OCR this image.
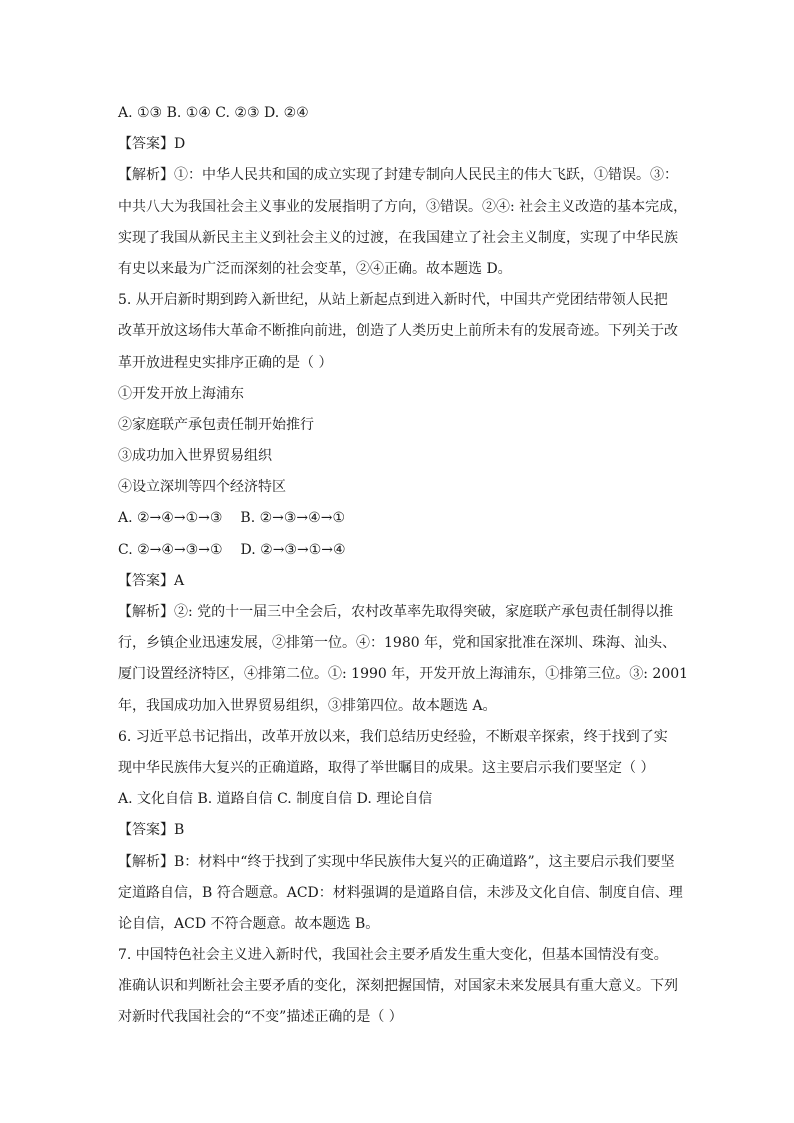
A. ①③ B. ①④ C. ②③ D. ②④
【答案】D
【解析】①：中华人民共和国的成立实现了封建专制向人民民主的伟大飞跃，①错误。③：
中共八大为我国社会主义事业的发展指明了方向，③错误。②④: 社会主义改造的基本完成，
实现了我国从新民主主义到社会主义的过渡，在我国建立了社会主义制度，实现了中华民族
有史以来最为广泛而深刻的社会变革，②④正确。故本题选 D。
5. 从开启新时期到跨入新世纪，从站上新起点到进入新时代，中国共产党团结带领人民把
改革开放这场伟大革命不断推向前进，创造了人类历史上前所未有的发展奇迹。下列关于改
革开放进程史实排序正确的是（ ）
①开发开放上海浦东
②家庭联产承包责任制开始推行
③成功加入世界贸易组织
④设立深圳等四个经济特区
A. ②→④→①→③ B. ②→③→④→①
C. ②→④→③→① D. ②→③→①→④
【答案】A
【解析】②: 党的十一届三中全会后，农村改革率先取得突破，家庭联产承包责任制得以推
行，乡镇企业迅速发展，②排第一位。④：1980 年，党和国家批准在深圳、珠海、汕头、
厦门设置经济特区，④排第二位。①: 1990 年，开发开放上海浦东，①排第三位。③: 2001
年，我国成功加入世界贸易组织，③排第四位。故本题选 A。
6. 习近平总书记指出，改革开放以来，我们总结历史经验，不断艰辛探索，终于找到了实
现中华民族伟大复兴的正确道路，取得了举世瞩目的成果。这主要启示我们要坚定（ ）
A. 文化自信 B. 道路自信 C. 制度自信 D. 理论自信
【答案】B
【解析】B：材料中“终于找到了实现中华民族伟大复兴的正确道路”，这主要启示我们要坚
定道路自信，B 符合题意。ACD：材料强调的是道路自信，未涉及文化自信、制度自信、理
论自信，ACD 不符合题意。故本题选 B。
7. 中国特色社会主义进入新时代，我国社会主要矛盾发生重大变化，但基本国情没有变。
准确认识和判断社会主要矛盾的变化，深刻把握国情，对国家未来发展具有重大意义。下列
对新时代我国社会的“不变”描述正确的是（ ）
